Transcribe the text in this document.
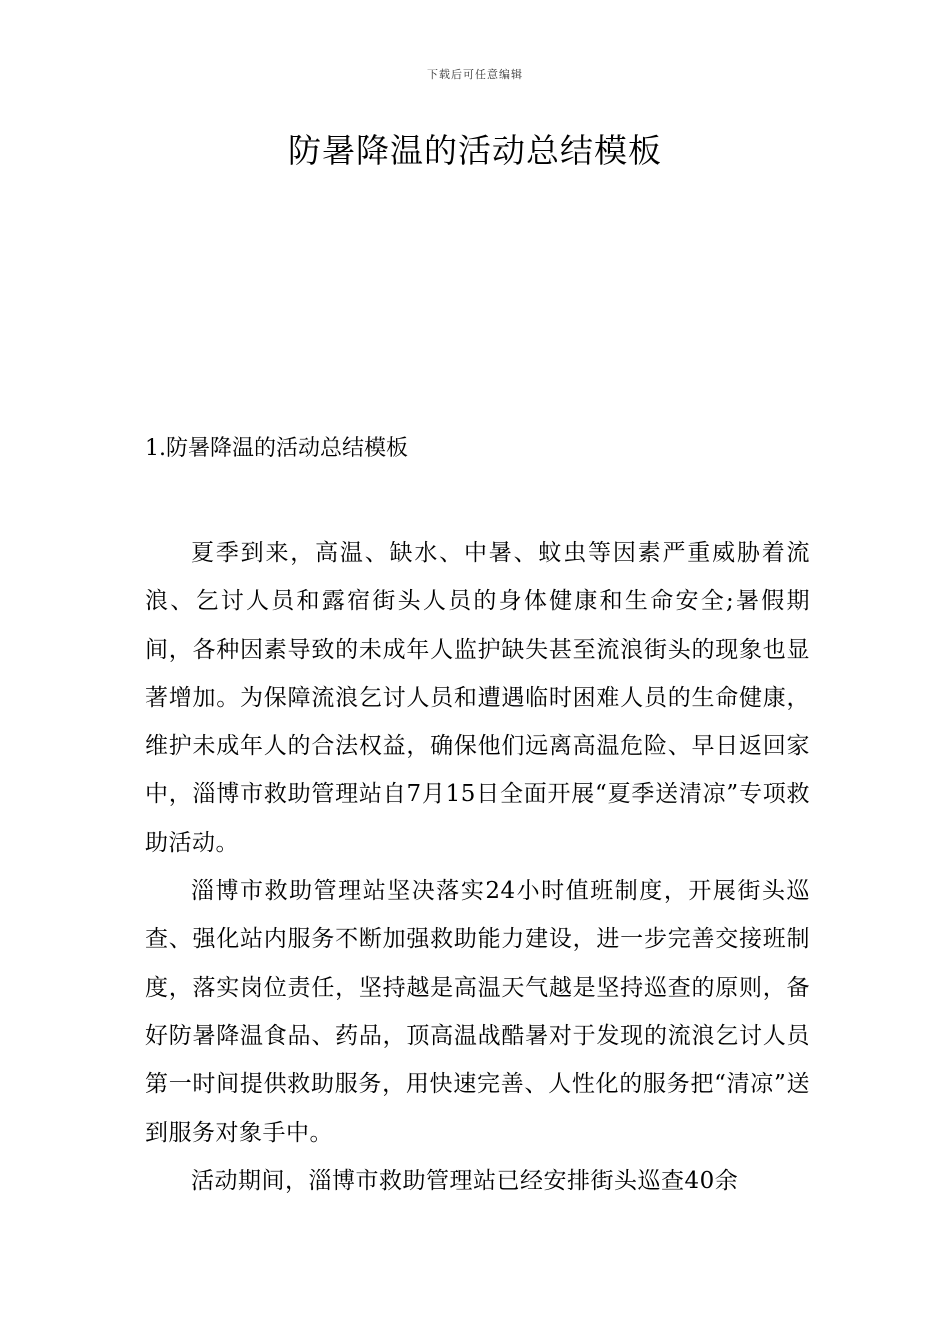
下载后可任意编辑
防暑降温的活动总结模板
1.防暑降温的活动总结模板

夏季到来，高温、缺水、中暑、蚊虫等因素严重威胁着流浪、乞讨人员和露宿街头人员的身体健康和生命安全;暑假期间，各种因素导致的未成年人监护缺失甚至流浪街头的现象也显著增加。为保障流浪乞讨人员和遭遇临时困难人员的生命健康，维护未成年人的合法权益，确保他们远离高温危险、早日返回家中，淄博市救助管理站自7月15日全面开展“夏季送清凉”专项救助活动。

淄博市救助管理站坚决落实24小时值班制度，开展街头巡查、强化站内服务不断加强救助能力建设，进一步完善交接班制度，落实岗位责任，坚持越是高温天气越是坚持巡查的原则，备好防暑降温食品、药品，顶高温战酷暑对于发现的流浪乞讨人员第一时间提供救助服务，用快速完善、人性化的服务把“清凉”送到服务对象手中。

活动期间，淄博市救助管理站已经安排街头巡查40余
